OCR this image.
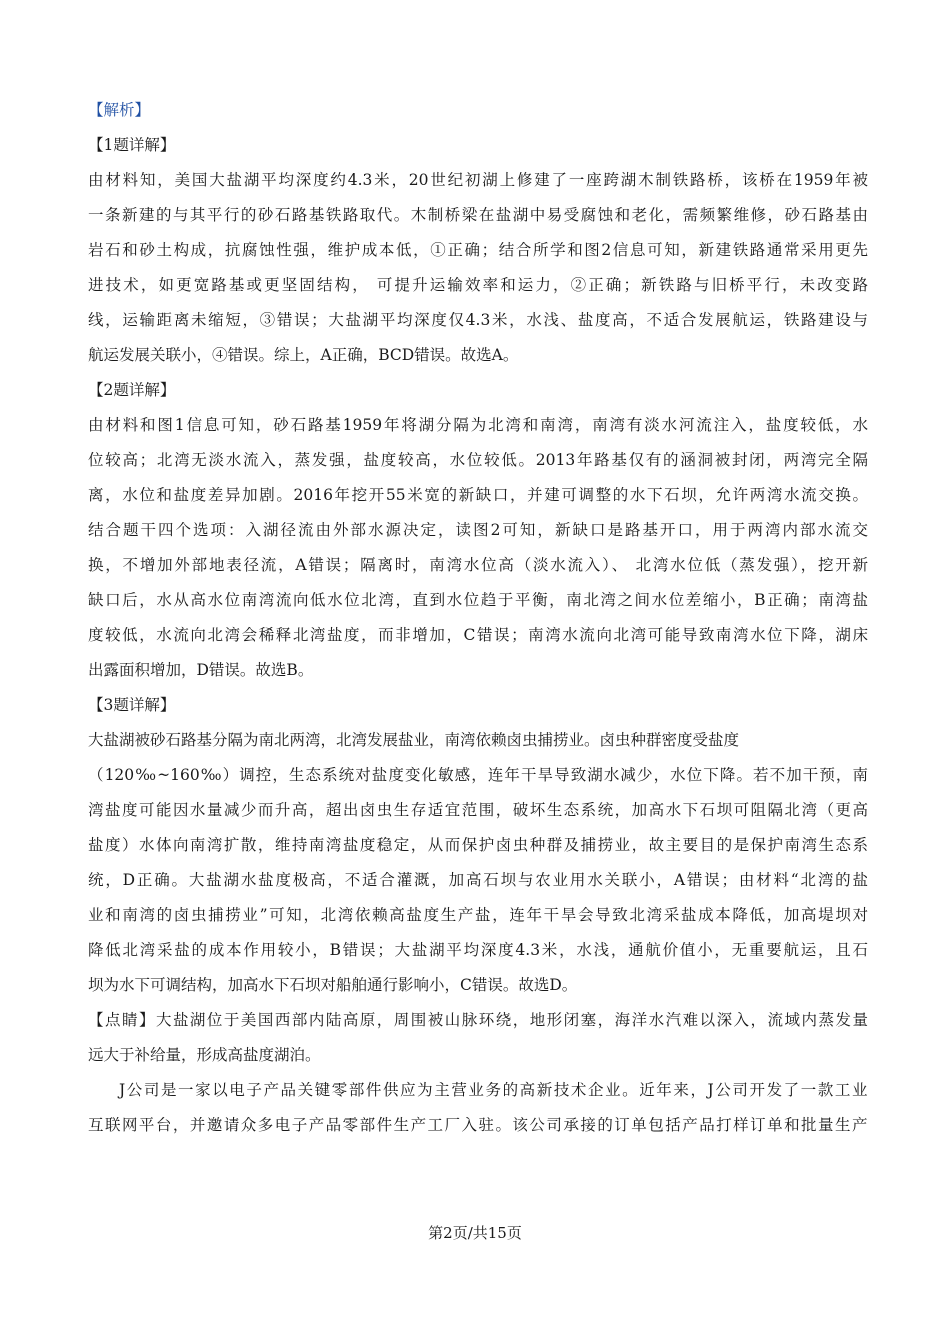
【解析】
【1题详解】
由材料知，美国大盐湖平均深度约4.3米，20世纪初湖上修建了一座跨湖木制铁路桥，该桥在1959年被
一条新建的与其平行的砂石路基铁路取代。木制桥梁在盐湖中易受腐蚀和老化，需频繁维修，砂石路基由
岩石和砂土构成，抗腐蚀性强，维护成本低，①正确；结合所学和图2信息可知，新建铁路通常采用更先
进技术，如更宽路基或更坚固结构， 可提升运输效率和运力，②正确；新铁路与旧桥平行，未改变路
线，运输距离未缩短，③错误；大盐湖平均深度仅4.3米，水浅、盐度高，不适合发展航运，铁路建设与
航运发展关联小，④错误。综上，A正确，BCD错误。故选A。
【2题详解】
由材料和图1信息可知，砂石路基1959年将湖分隔为北湾和南湾，南湾有淡水河流注入，盐度较低，水
位较高；北湾无淡水流入，蒸发强，盐度较高，水位较低。2013年路基仅有的涵洞被封闭，两湾完全隔
离，水位和盐度差异加剧。2016年挖开55米宽的新缺口，并建可调整的水下石坝，允许两湾水流交换。
结合题干四个选项：入湖径流由外部水源决定，读图2可知，新缺口是路基开口，用于两湾内部水流交
换，不增加外部地表径流，A错误；隔离时，南湾水位高（淡水流入）、 北湾水位低（蒸发强），挖开新
缺口后，水从高水位南湾流向低水位北湾，直到水位趋于平衡，南北湾之间水位差缩小，B正确；南湾盐
度较低，水流向北湾会稀释北湾盐度，而非增加，C错误；南湾水流向北湾可能导致南湾水位下降，湖床
出露面积增加，D错误。故选B。
【3题详解】
大盐湖被砂石路基分隔为南北两湾，北湾发展盐业，南湾依赖卤虫捕捞业。卤虫种群密度受盐度
（120‰~160‰）调控，生态系统对盐度变化敏感，连年干旱导致湖水减少，水位下降。若不加干预，南
湾盐度可能因水量减少而升高，超出卤虫生存适宜范围，破坏生态系统，加高水下石坝可阻隔北湾（更高
盐度）水体向南湾扩散，维持南湾盐度稳定，从而保护卤虫种群及捕捞业，故主要目的是保护南湾生态系
统，D正确。大盐湖水盐度极高，不适合灌溉，加高石坝与农业用水关联小，A错误；由材料“北湾的盐
业和南湾的卤虫捕捞业”可知，北湾依赖高盐度生产盐，连年干旱会导致北湾采盐成本降低，加高堤坝对
降低北湾采盐的成本作用较小，B错误；大盐湖平均深度4.3米，水浅，通航价值小，无重要航运，且石
坝为水下可调结构，加高水下石坝对船舶通行影响小，C错误。故选D。
【点睛】大盐湖位于美国西部内陆高原，周围被山脉环绕，地形闭塞，海洋水汽难以深入，流域内蒸发量
远大于补给量，形成高盐度湖泊。
J公司是一家以电子产品关键零部件供应为主营业务的高新技术企业。近年来，J公司开发了一款工业
互联网平台，并邀请众多电子产品零部件生产工厂入驻。该公司承接的订单包括产品打样订单和批量生产
第2页/共15页
